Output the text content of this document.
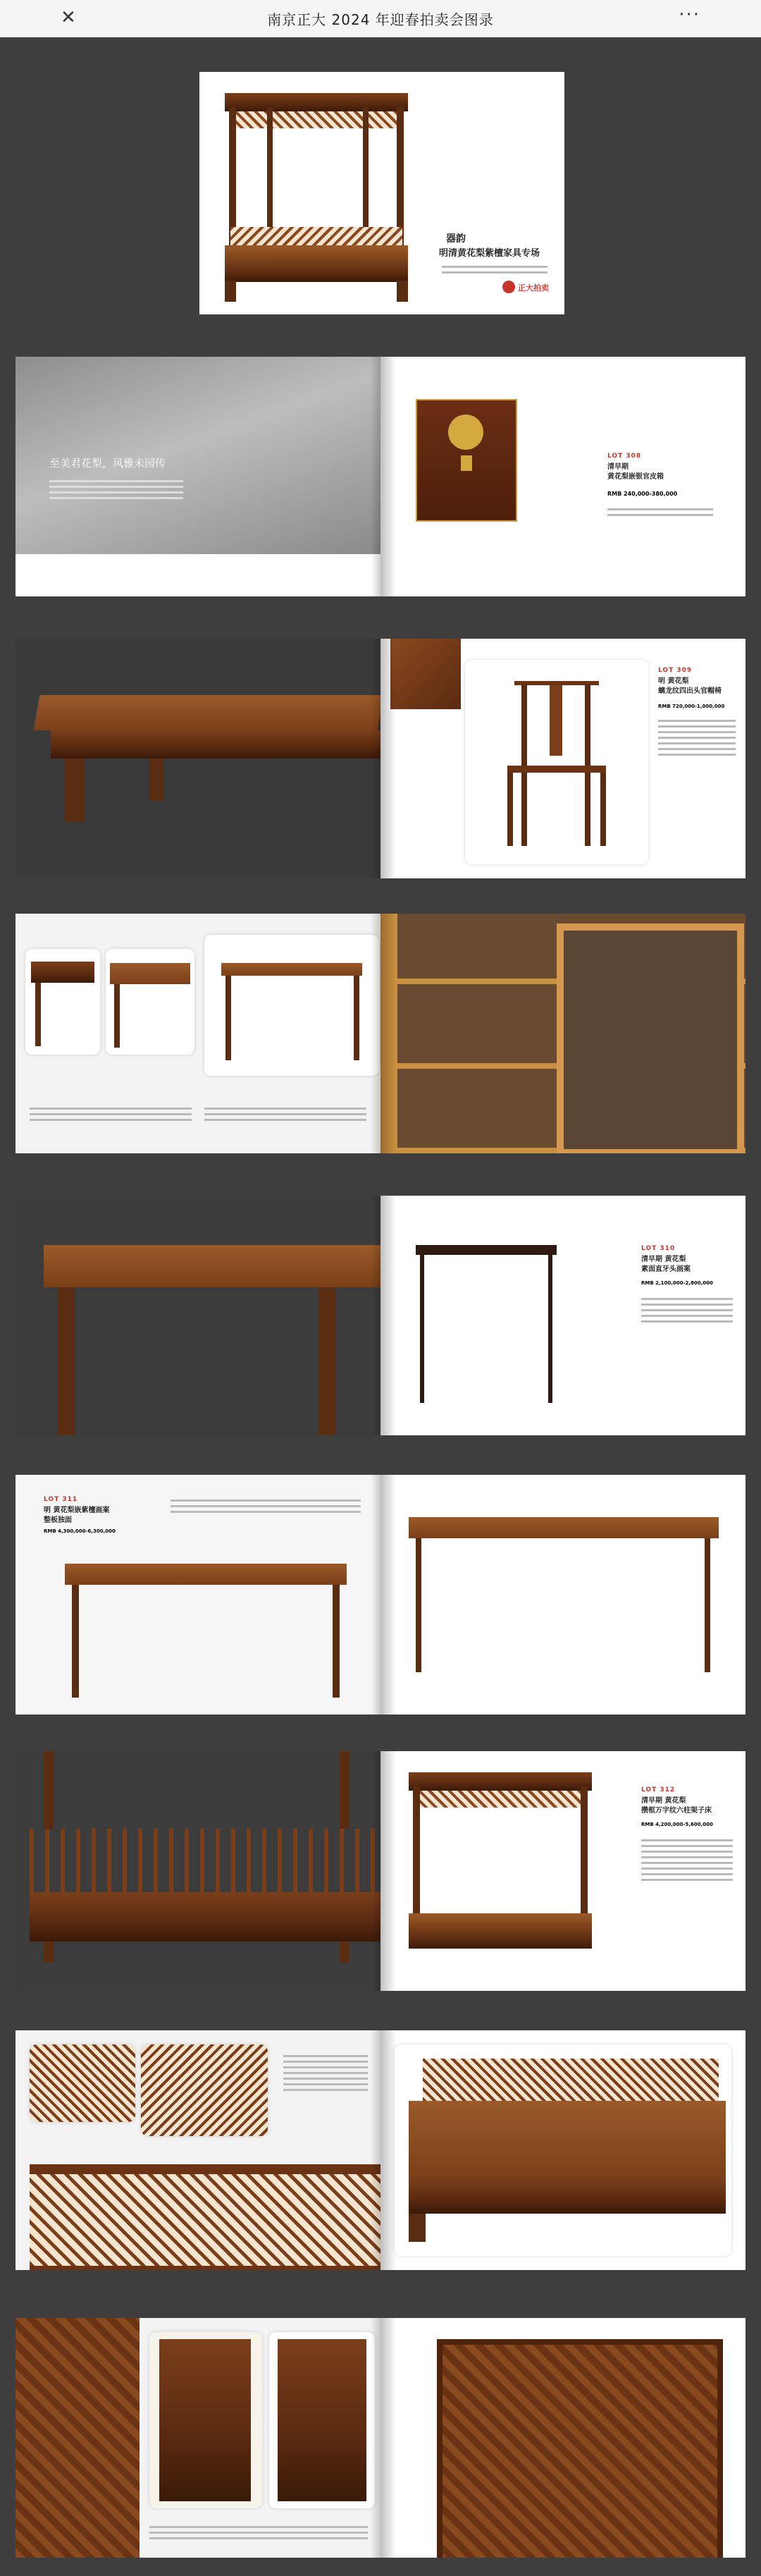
✕	南京正大 2024 年迎春拍卖会图录	···
器韵
明清黄花梨紫檀家具专场
正大拍卖
至美君花梨，风雅未园传
LOT 308
清早期
黄花梨嵌银官皮箱
RMB 240,000-380,000
LOT 309
明 黄花梨
螭龙纹四出头官帽椅
RMB 720,000-1,000,000
LOT 310
清早期 黄花梨
素面直牙头画案
RMB 2,100,000-2,800,000
LOT 311
明 黄花梨嵌紫檀画案
整板独面
RMB 4,300,000-6,300,000
LOT 312
清早期 黄花梨
攒框万字纹六柱架子床
RMB 4,200,000-5,600,000
